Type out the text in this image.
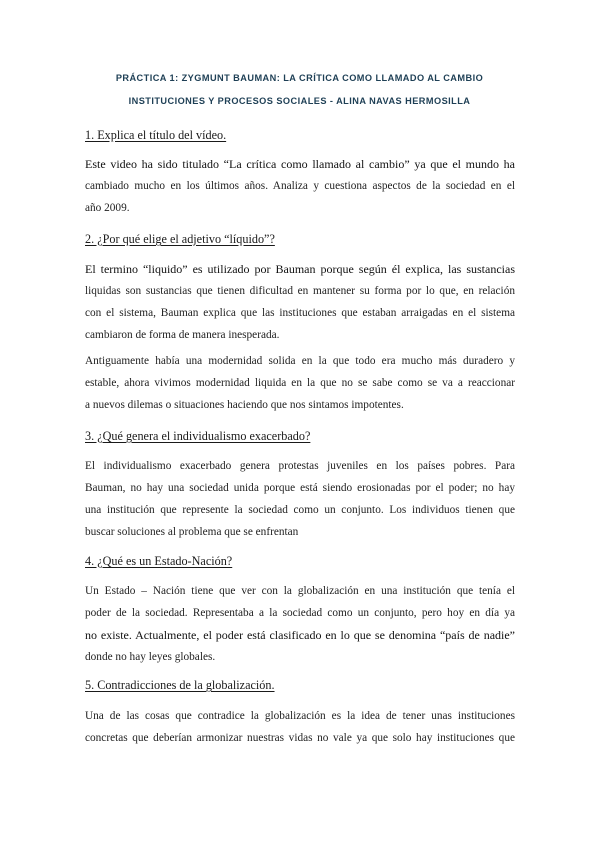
PRÁCTICA 1: ZYGMUNT BAUMAN: LA CRÍTICA COMO LLAMADO AL CAMBIO
INSTITUCIONES Y PROCESOS SOCIALES - ALINA NAVAS HERMOSILLA
1. Explica el título del vídeo.
Este video ha sido titulado “La crítica como llamado al cambio” ya que el mundo ha
cambiado mucho en los últimos años. Analiza y cuestiona aspectos de la sociedad en el
año 2009.
2. ¿Por qué elige el adjetivo “líquido”?
El termino “liquido” es utilizado por Bauman porque según él explica, las sustancias
liquidas son sustancias que tienen dificultad en mantener su forma por lo que, en relación
con el sistema, Bauman explica que las instituciones que estaban arraigadas en el sistema
cambiaron de forma de manera inesperada.
Antiguamente había una modernidad solida en la que todo era mucho más duradero y
estable, ahora vivimos modernidad liquida en la que no se sabe como se va a reaccionar
a nuevos dilemas o situaciones haciendo que nos sintamos impotentes.
3. ¿Qué genera el individualismo exacerbado?
El individualismo exacerbado genera protestas juveniles en los países pobres. Para
Bauman, no hay una sociedad unida porque está siendo erosionadas por el poder; no hay
una institución que represente la sociedad como un conjunto. Los individuos tienen que
buscar soluciones al problema que se enfrentan
4. ¿Qué es un Estado-Nación?
Un Estado – Nación tiene que ver con la globalización en una institución que tenía el
poder de la sociedad. Representaba a la sociedad como un conjunto, pero hoy en día ya
no existe. Actualmente, el poder está clasificado en lo que se denomina “país de nadie”
donde no hay leyes globales.
5. Contradicciones de la globalización.
Una de las cosas que contradice la globalización es la idea de tener unas instituciones
concretas que deberían armonizar nuestras vidas no vale ya que solo hay instituciones que
